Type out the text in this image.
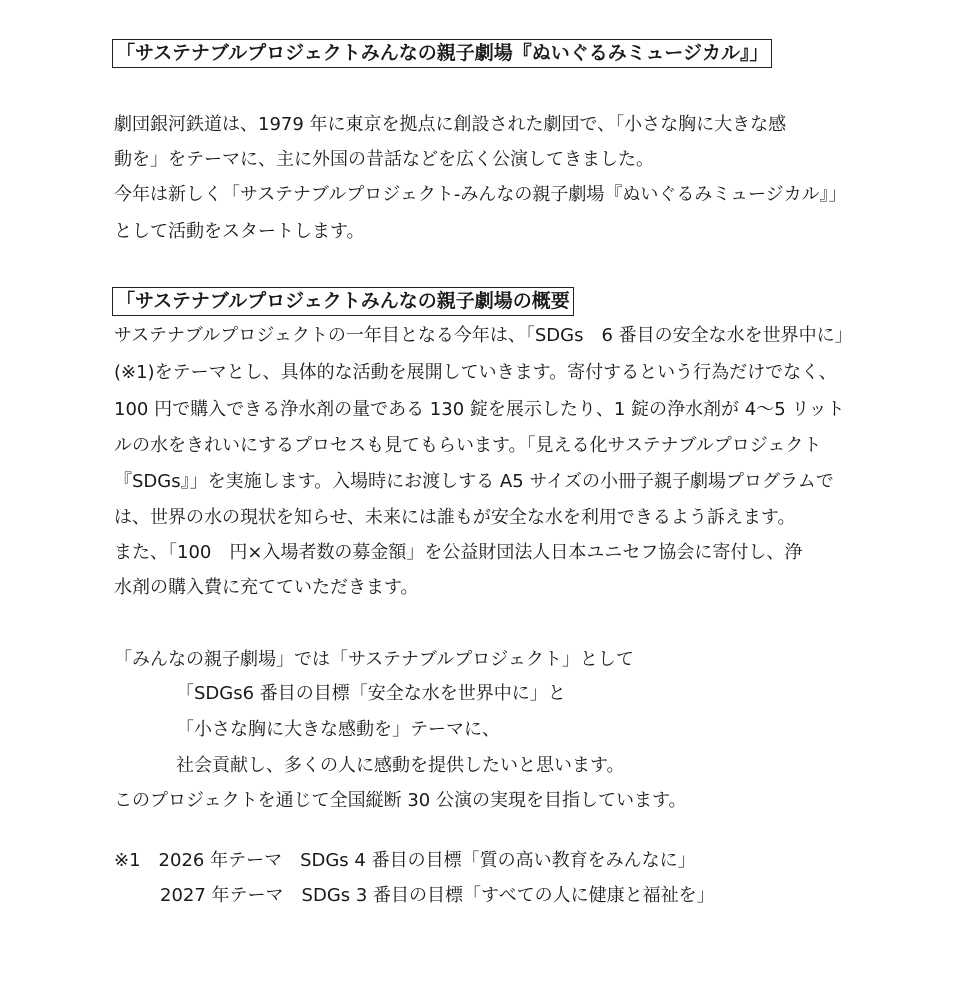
「サステナブルプロジェクトみんなの親子劇場『ぬいぐるみミュージカル』」
劇団銀河鉄道は、1979 年に東京を拠点に創設された劇団で、「小さな胸に大きな感
動を」をテーマに、主に外国の昔話などを広く公演してきました。
今年は新しく「サステナブルプロジェクト-みんなの親子劇場『ぬいぐるみミュージカル』」
として活動をスタートします。
「サステナブルプロジェクトみんなの親子劇場の概要
サステナブルプロジェクトの一年目となる今年は、「SDGs　6 番目の安全な水を世界中に」
(※1)をテーマとし、具体的な活動を展開していきます。寄付するという行為だけでなく、
100 円で購入できる浄水剤の量である 130 錠を展示したり、1 錠の浄水剤が 4～5 リット
ルの水をきれいにするプロセスも見てもらいます。「見える化サステナブルプロジェクト
『SDGs』」を実施します。入場時にお渡しする A5 サイズの小冊子親子劇場プログラムで
は、世界の水の現状を知らせ、未来には誰もが安全な水を利用できるよう訴えます。
また、「100　円×入場者数の募金額」を公益財団法人日本ユニセフ協会に寄付し、浄
水剤の購入費に充てていただきます。
「みんなの親子劇場」では「サステナブルプロジェクト」として
「SDGs6 番目の目標「安全な水を世界中に」と
「小さな胸に大きな感動を」テーマに、
社会貢献し、多くの人に感動を提供したいと思います。
このプロジェクトを通じて全国縦断 30 公演の実現を目指しています。
※1　2026 年テーマ　SDGs 4 番目の目標「質の高い教育をみんなに」
2027 年テーマ　SDGs 3 番目の目標「すべての人に健康と福祉を」
